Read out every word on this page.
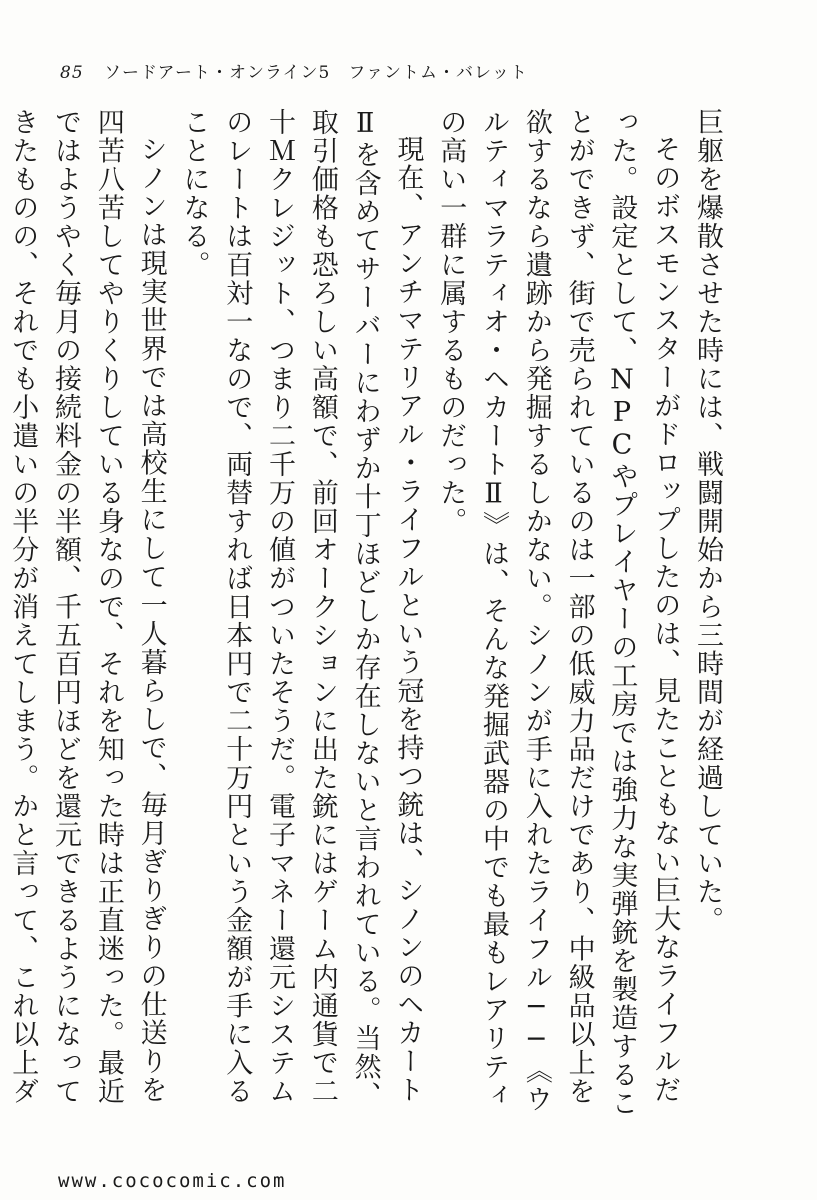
85 ソードアート・オンライン5　ファントム・バレット

巨躯を爆散させた時には、戦闘開始から三時間が経過していた。

そのボスモンスターがドロップしたのは、見たこともない巨大なライフルだった。設定として、NPCやプレイヤーの工房では強力な実弾銃を製造することができず、街で売られているのは一部の低威力品だけであり、中級品以上を欲するなら遺跡から発掘するしかない。シノンが手に入れたライフル──《ウルティマラティオ・ヘカートⅡ》は、そんな発掘武器の中でも最もレアリティの高い一群に属するものだった。

現在、アンチマテリアル・ライフルという冠を持つ銃は、シノンのヘカートⅡを含めてサーバーにわずか十丁ほどしか存在しないと言われている。当然、取引価格も恐ろしい高額で、前回オークションに出た銃にはゲーム内通貨で二十Ｍクレジット、つまり二千万の値がついたそうだ。電子マネー還元システムのレートは百対一なので、両替すれば日本円で二十万円という金額が手に入ることになる。

シノンは現実世界では高校生にして一人暮らしで、毎月ぎりぎりの仕送りを四苦八苦してやりくりしている身なので、それを知った時は正直迷った。最近ではようやく毎月の接続料金の半額、千五百円ほどを還元できるようになってきたものの、それでも小遣いの半分が消えてしまう。かと言って、これ以上ダ

www.cococomic.com
